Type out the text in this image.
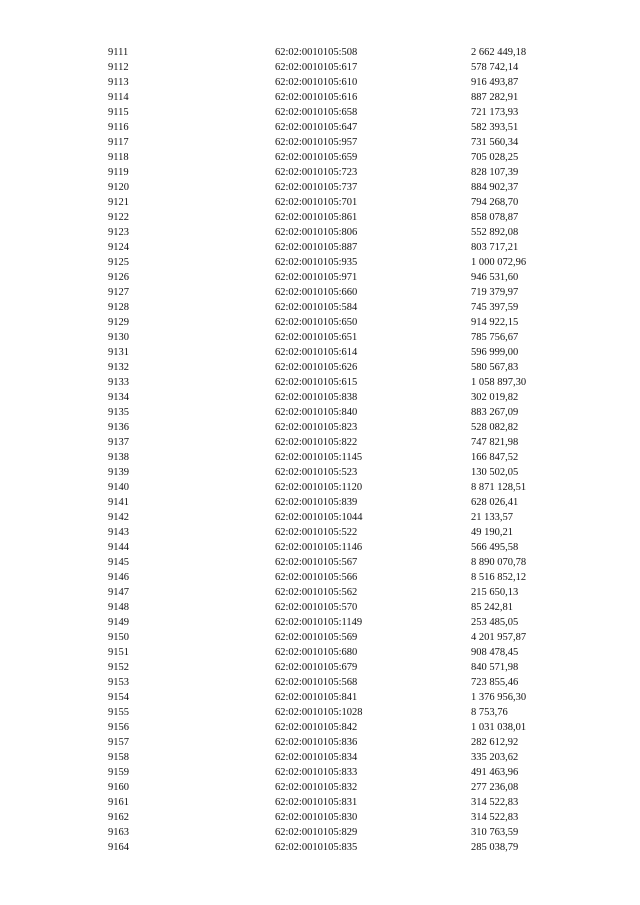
9111	62:02:0010105:508	2 662 449,18
9112	62:02:0010105:617	578 742,14
9113	62:02:0010105:610	916 493,87
9114	62:02:0010105:616	887 282,91
9115	62:02:0010105:658	721 173,93
9116	62:02:0010105:647	582 393,51
9117	62:02:0010105:957	731 560,34
9118	62:02:0010105:659	705 028,25
9119	62:02:0010105:723	828 107,39
9120	62:02:0010105:737	884 902,37
9121	62:02:0010105:701	794 268,70
9122	62:02:0010105:861	858 078,87
9123	62:02:0010105:806	552 892,08
9124	62:02:0010105:887	803 717,21
9125	62:02:0010105:935	1 000 072,96
9126	62:02:0010105:971	946 531,60
9127	62:02:0010105:660	719 379,97
9128	62:02:0010105:584	745 397,59
9129	62:02:0010105:650	914 922,15
9130	62:02:0010105:651	785 756,67
9131	62:02:0010105:614	596 999,00
9132	62:02:0010105:626	580 567,83
9133	62:02:0010105:615	1 058 897,30
9134	62:02:0010105:838	302 019,82
9135	62:02:0010105:840	883 267,09
9136	62:02:0010105:823	528 082,82
9137	62:02:0010105:822	747 821,98
9138	62:02:0010105:1145	166 847,52
9139	62:02:0010105:523	130 502,05
9140	62:02:0010105:1120	8 871 128,51
9141	62:02:0010105:839	628 026,41
9142	62:02:0010105:1044	21 133,57
9143	62:02:0010105:522	49 190,21
9144	62:02:0010105:1146	566 495,58
9145	62:02:0010105:567	8 890 070,78
9146	62:02:0010105:566	8 516 852,12
9147	62:02:0010105:562	215 650,13
9148	62:02:0010105:570	85 242,81
9149	62:02:0010105:1149	253 485,05
9150	62:02:0010105:569	4 201 957,87
9151	62:02:0010105:680	908 478,45
9152	62:02:0010105:679	840 571,98
9153	62:02:0010105:568	723 855,46
9154	62:02:0010105:841	1 376 956,30
9155	62:02:0010105:1028	8 753,76
9156	62:02:0010105:842	1 031 038,01
9157	62:02:0010105:836	282 612,92
9158	62:02:0010105:834	335 203,62
9159	62:02:0010105:833	491 463,96
9160	62:02:0010105:832	277 236,08
9161	62:02:0010105:831	314 522,83
9162	62:02:0010105:830	314 522,83
9163	62:02:0010105:829	310 763,59
9164	62:02:0010105:835	285 038,79
